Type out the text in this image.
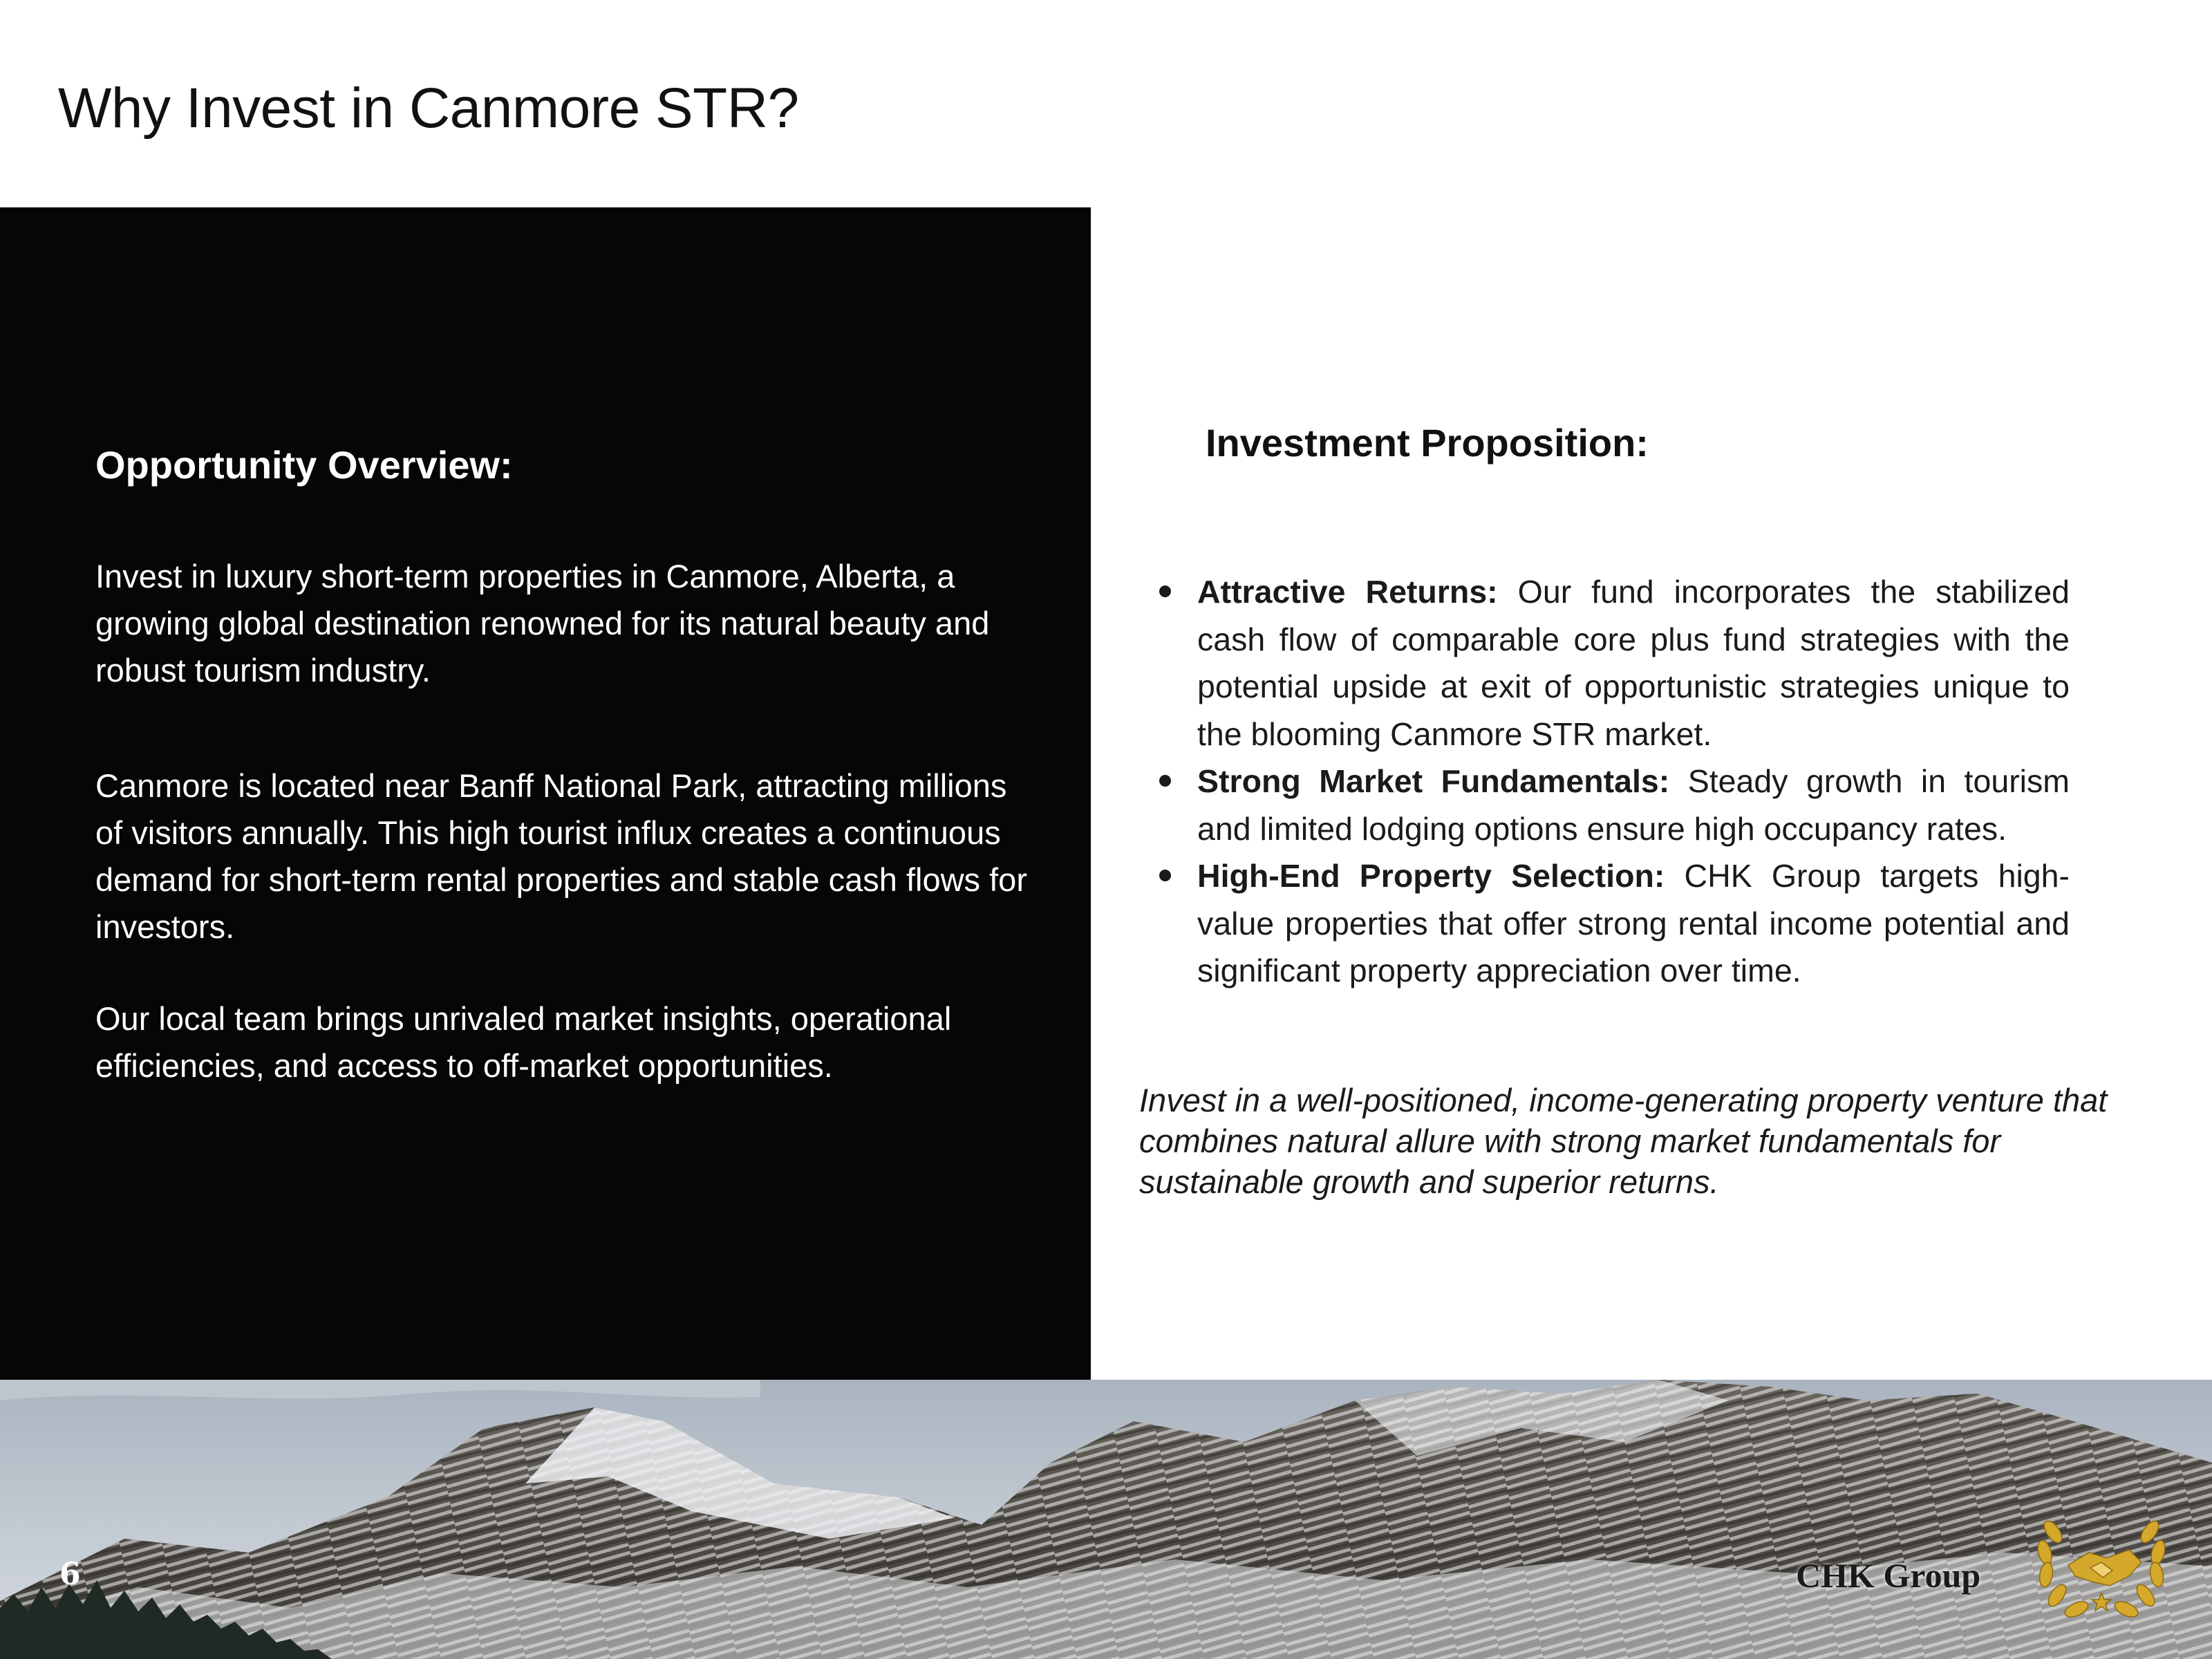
Why Invest in Canmore STR?
Opportunity Overview:
Invest in luxury short-term properties in Canmore, Alberta, a growing global destination renowned for its natural beauty and robust tourism industry.
Canmore is located near Banff National Park, attracting millions of visitors annually. This high tourist influx creates a continuous demand for short-term rental properties and stable cash flows for investors.
Our local team brings unrivaled market insights, operational efficiencies, and access to off-market opportunities.
Investment Proposition:
Attractive Returns: Our fund incorporates the stabilized cash flow of comparable core plus fund strategies with the potential upside at exit of opportunistic strategies unique to the blooming Canmore STR market.
Strong Market Fundamentals: Steady growth in tourism and limited lodging options ensure high occupancy rates.
High-End Property Selection: CHK Group targets high-value properties that offer strong rental income potential and significant property appreciation over time.
Invest in a well-positioned, income-generating property venture that combines natural allure with strong market fundamentals for sustainable growth and superior returns.
6	CHK Group
